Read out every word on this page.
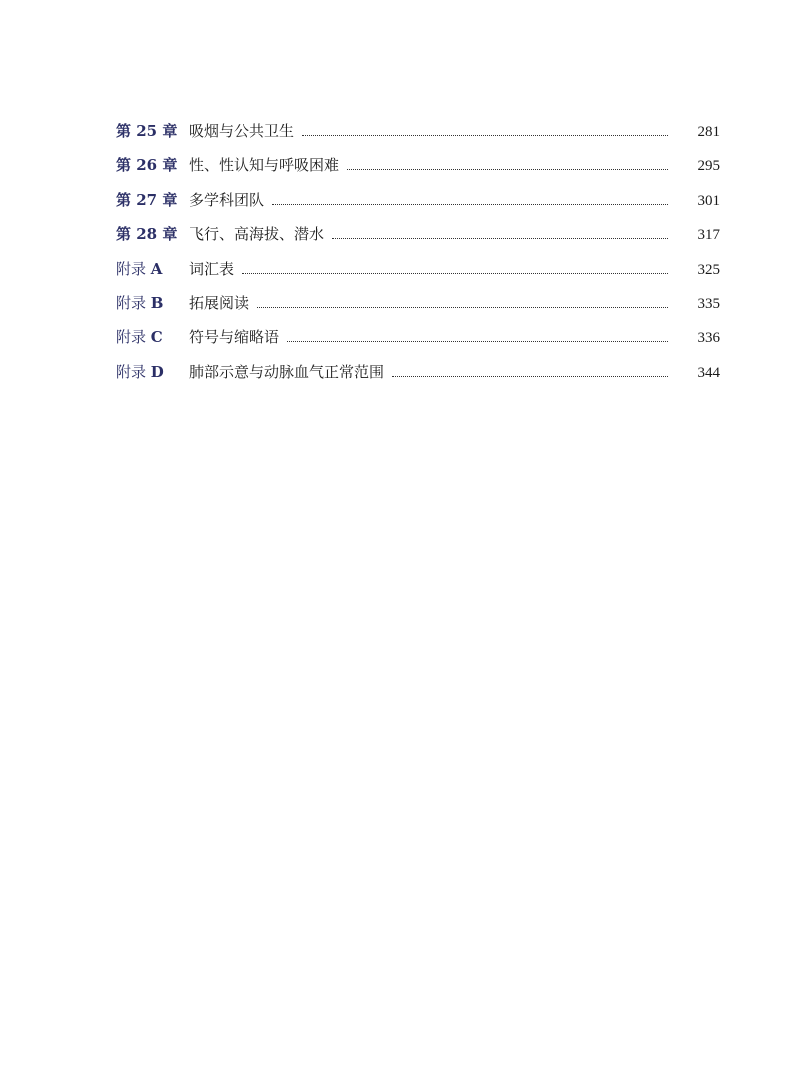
第 25 章 吸烟与公共卫生	281
第 26 章 性、性认知与呼吸困难	295
第 27 章 多学科团队	301
第 28 章 飞行、高海拔、潜水	317
附录 A	词汇表	325
附录 B	拓展阅读	335
附录 C	符号与缩略语	336
附录 D	肺部示意与动脉血气正常范围	344
